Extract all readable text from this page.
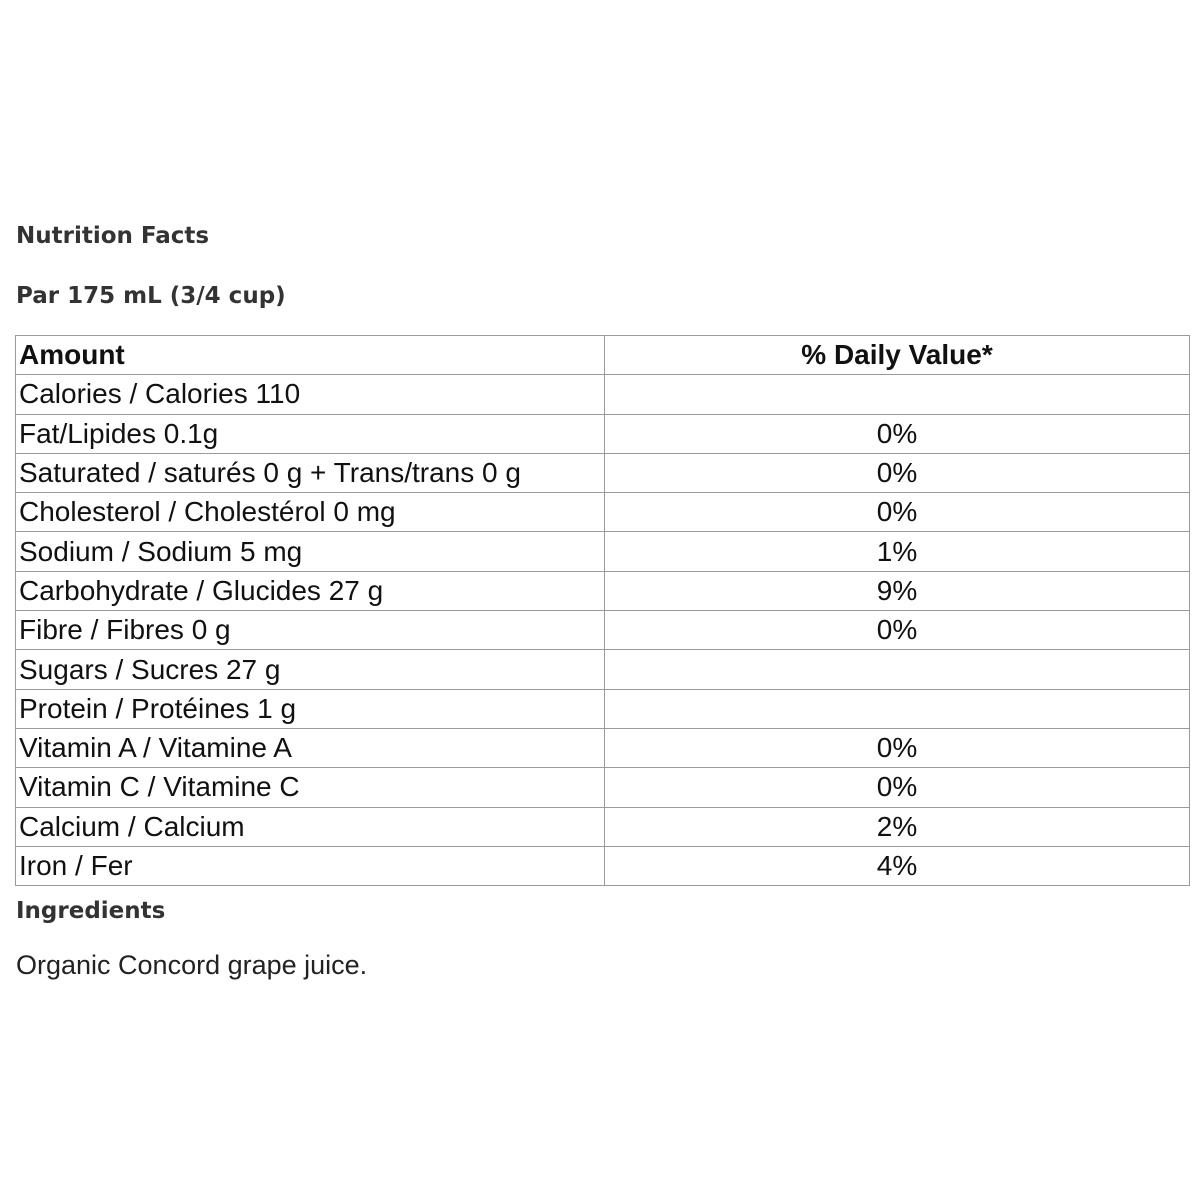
Nutrition Facts
Par 175 mL (3/4 cup)
Amount	% Daily Value*
Calories / Calories 110	
Fat/Lipides 0.1g	0%
Saturated / saturés 0 g + Trans/trans 0 g	0%
Cholesterol / Cholestérol 0 mg	0%
Sodium / Sodium 5 mg	1%
Carbohydrate / Glucides 27 g	9%
Fibre / Fibres 0 g	0%
Sugars / Sucres 27 g	
Protein / Protéines 1 g	
Vitamin A / Vitamine A	0%
Vitamin C / Vitamine C	0%
Calcium / Calcium	2%
Iron / Fer	4%
Ingredients

Organic Concord grape juice.
